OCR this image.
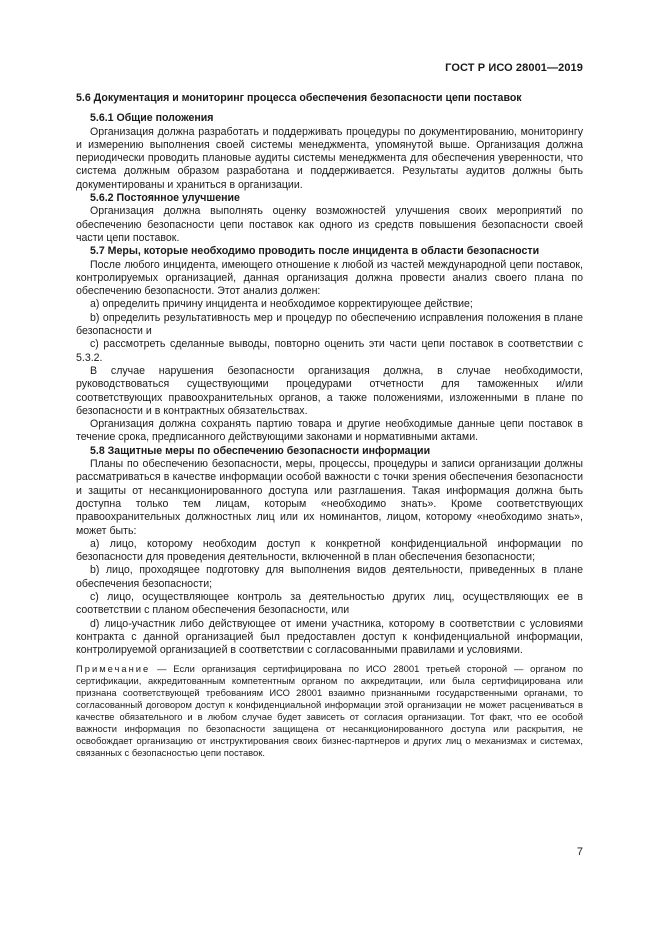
ГОСТ Р ИСО 28001—2019
5.6 Документация и мониторинг процесса обеспечения безопасности цепи поставок
5.6.1 Общие положения

Организация должна разработать и поддерживать процедуры по документированию, мониторингу и измерению выполнения своей системы менеджмента, упомянутой выше. Организация должна периодически проводить плановые аудиты системы менеджмента для обеспечения уверенности, что система должным образом разработана и поддерживается. Результаты аудитов должны быть документированы и храниться в организации.

5.6.2 Постоянное улучшение

Организация должна выполнять оценку возможностей улучшения своих мероприятий по обеспечению безопасности цепи поставок как одного из средств повышения безопасности своей части цепи поставок.

5.7 Меры, которые необходимо проводить после инцидента в области безопасности

После любого инцидента, имеющего отношение к любой из частей международной цепи поставок, контролируемых организацией, данная организация должна провести анализ своего плана по обеспечению безопасности. Этот анализ должен:

a) определить причину инцидента и необходимое корректирующее действие;

b) определить результативность мер и процедур по обеспечению исправления положения в плане безопасности и

c) рассмотреть сделанные выводы, повторно оценить эти части цепи поставок в соответствии с 5.3.2.

В случае нарушения безопасности организация должна, в случае необходимости, руководствоваться существующими процедурами отчетности для таможенных и/или соответствующих правоохранительных органов, а также положениями, изложенными в плане по безопасности и в контрактных обязательствах.

Организация должна сохранять партию товара и другие необходимые данные цепи поставок в течение срока, предписанного действующими законами и нормативными актами.

5.8 Защитные меры по обеспечению безопасности информации

Планы по обеспечению безопасности, меры, процессы, процедуры и записи организации должны рассматриваться в качестве информации особой важности с точки зрения обеспечения безопасности и защиты от несанкционированного доступа или разглашения. Такая информация должна быть доступна только тем лицам, которым «необходимо знать». Кроме соответствующих правоохранительных должностных лиц или их номинантов, лицом, которому «необходимо знать», может быть:

а) лицо, которому необходим доступ к конкретной конфиденциальной информации по безопасности для проведения деятельности, включенной в план обеспечения безопасности;

b) лицо, проходящее подготовку для выполнения видов деятельности, приведенных в плане обеспечения безопасности;

c) лицо, осуществляющее контроль за деятельностью других лиц, осуществляющих ее в соответствии с планом обеспечения безопасности, или

d) лицо-участник либо действующее от имени участника, которому в соответствии с условиями контракта с данной организацией был предоставлен доступ к конфиденциальной информации, контролируемой организацией в соответствии с согласованными правилами и условиями.

Примечание — Если организация сертифицирована по ИСО 28001 третьей стороной — органом по сертификации, аккредитованным компетентным органом по аккредитации, или была сертифицирована или признана соответствующей требованиям ИСО 28001 взаимно признанными государственными органами, то согласованный договором доступ к конфиденциальной информации этой организации не может расцениваться в качестве обязательного и в любом случае будет зависеть от согласия организации. Тот факт, что ее особой важности информация по безопасности защищена от несанкционированного доступа или раскрытия, не освобождает организацию от инструктирования своих бизнес-партнеров и других лиц о механизмах и системах, связанных с безопасностью цепи поставок.

7
